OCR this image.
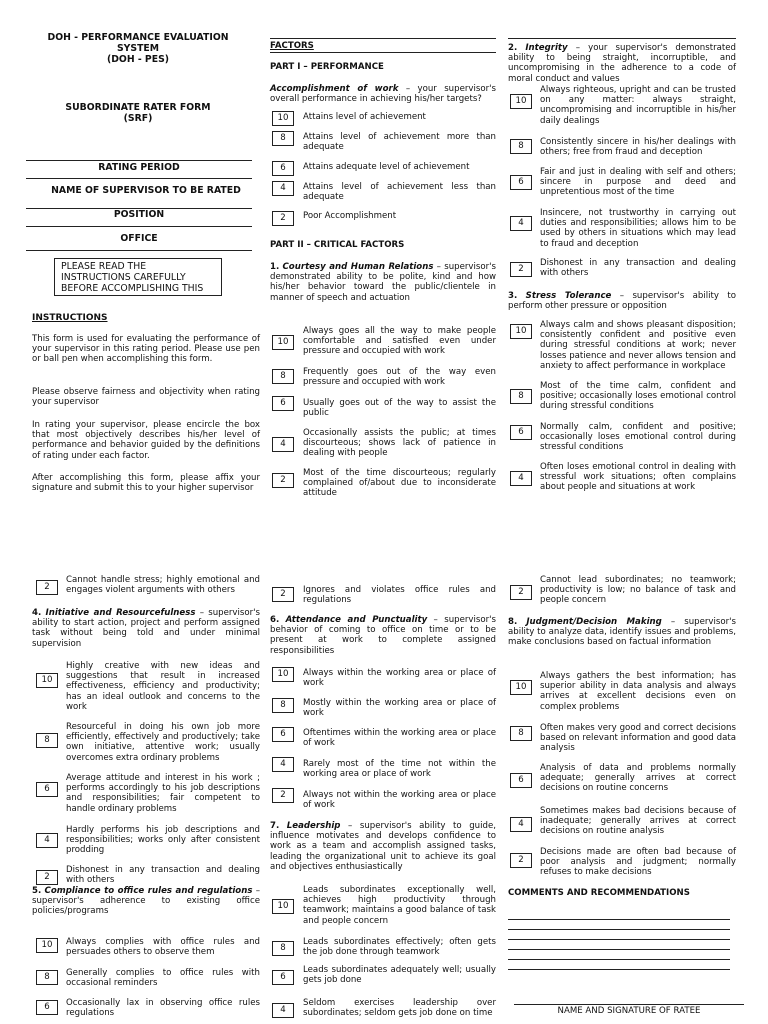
DOH - PERFORMANCE EVALUATION SYSTEM
(DOH - PES)
SUBORDINATE RATER FORM
(SRF)
RATING PERIOD
NAME OF SUPERVISOR TO BE RATED
POSITION
OFFICE
PLEASE READ THE INSTRUCTIONS CAREFULLY BEFORE ACCOMPLISHING THIS
INSTRUCTIONS
This form is used for evaluating the performance of your supervisor in this rating period. Please use pen or ball pen when accomplishing this form.
Please observe fairness and objectivity when rating your supervisor
In rating your supervisor, please encircle the box that most objectively describes his/her level of performance and behavior guided by the definitions of rating under each factor.
After accomplishing this form, please affix your signature and submit this to your higher supervisor
FACTORS
PART I – PERFORMANCE
Accomplishment of work – your supervisor's overall performance in achieving his/her targets?
10	Attains level of achievement
8	Attains level of achievement more than adequate
6	Attains adequate level of achievement
4	Attains level of achievement less than adequate
2	Poor Accomplishment
PART II – CRITICAL FACTORS
1. Courtesy and Human Relations – supervisor's demonstrated ability to be polite, kind and how his/her behavior toward the public/clientele in manner of speech and actuation
10
Always goes all the way to make people comfortable and satisfied even under pressure and occupied with work
8	Frequently goes out of the way even pressure and occupied with work
6	Usually goes out of the way to assist the public
4
Occasionally assists the public; at times discourteous; shows lack of patience in dealing with people
2
Most of the time discourteous; regularly complained of/about due to inconsiderate attitude
2. Integrity – your supervisor's demonstrated ability to being straight, incorruptible, and uncompromising in the adherence to a code of moral conduct and values
10
Always righteous, upright and can be trusted on any matter: always straight, uncompromising and incorruptible in his/her daily dealings
8	Consistently sincere in his/her dealings with others; free from fraud and deception
6
Fair and just in dealing with self and others; sincere in purpose and deed and unpretentious most of the time
4
Insincere, not trustworthy in carrying out duties and responsibilities; allows him to be used by others in situations which may lead to fraud and deception
2
Dishonest in any transaction and dealing with others
3. Stress Tolerance – supervisor's ability to perform other pressure or opposition
10
Always calm and shows pleasant disposition; consistently confident and positive even during stressful conditions at work; never losses patience and never allows tension and anxiety to affect performance in workplace
8
Most of the time calm, confident and positive; occasionally loses emotional control during stressful conditions
6	Normally calm, confident and positive; occasionally loses emotional control during stressful conditions
4
Often loses emotional control in dealing with stressful work situations; often complains about people and situations at work
2
Cannot handle stress; highly emotional and engages violent arguments with others
4. Initiative and Resourcefulness – supervisor's ability to start action, project and perform assigned task without being told and under minimal supervision
10
Highly creative with new ideas and suggestions that result in increased effectiveness, efficiency and productivity; has an ideal outlook and concerns to the work
8
Resourceful in doing his own job more efficiently, effectively and productively; take own initiative, attentive work; usually overcomes extra ordinary problems
6
Average attitude and interest in his work ; performs accordingly to his job descriptions and responsibilities; fair competent to handle ordinary problems
4
Hardly performs his job descriptions and responsibilities; works only after consistent prodding
2
Dishonest in any transaction and dealing with others
5. Compliance to office rules and regulations – supervisor's adherence to existing office policies/programs
10	Always complies with office rules and persuades others to observe them
8	Generally complies to office rules with occasional reminders
6	Occasionally lax in observing office rules regulations
2	Ignores and violates office rules and regulations
6. Attendance and Punctuality – supervisor's behavior of coming to office on time or to be present at work to complete assigned responsibilities
10	Always within the working area or place of work
8	Mostly within the working area or place of work
6	Oftentimes within the working area or place of work
4	Rarely most of the time not within the working area or place of work
2	Always not within the working area or place of work
7. Leadership – supervisor's ability to guide, influence motivates and develops confidence to work as a team and accomplish assigned tasks, leading the organizational unit to achieve its goal and objectives enthusiastically
10
Leads subordinates exceptionally well, achieves high productivity through teamwork; maintains a good balance of task and people concern
8
Leads subordinates effectively; often gets the job done through teamwork
6
Leads subordinates adequately well; usually gets job done
4
Seldom exercises leadership over subordinates; seldom gets job done on time
2
Cannot lead subordinates; no teamwork; productivity is low; no balance of task and people concern
8. Judgment/Decision Making – supervisor's ability to analyze data, identify issues and problems, make conclusions based on factual information
10
Always gathers the best information; has superior ability in data analysis and always arrives at excellent decisions even on complex problems
8	Often makes very good and correct decisions based on relevant information and good data analysis
6
Analysis of data and problems normally adequate; generally arrives at correct decisions on routine concerns
4
Sometimes makes bad decisions because of inadequate; generally arrives at correct decisions on routine analysis
2
Decisions made are often bad because of poor analysis and judgment; normally refuses to make decisions
COMMENTS AND RECOMMENDATIONS
NAME AND SIGNATURE OF RATEE
